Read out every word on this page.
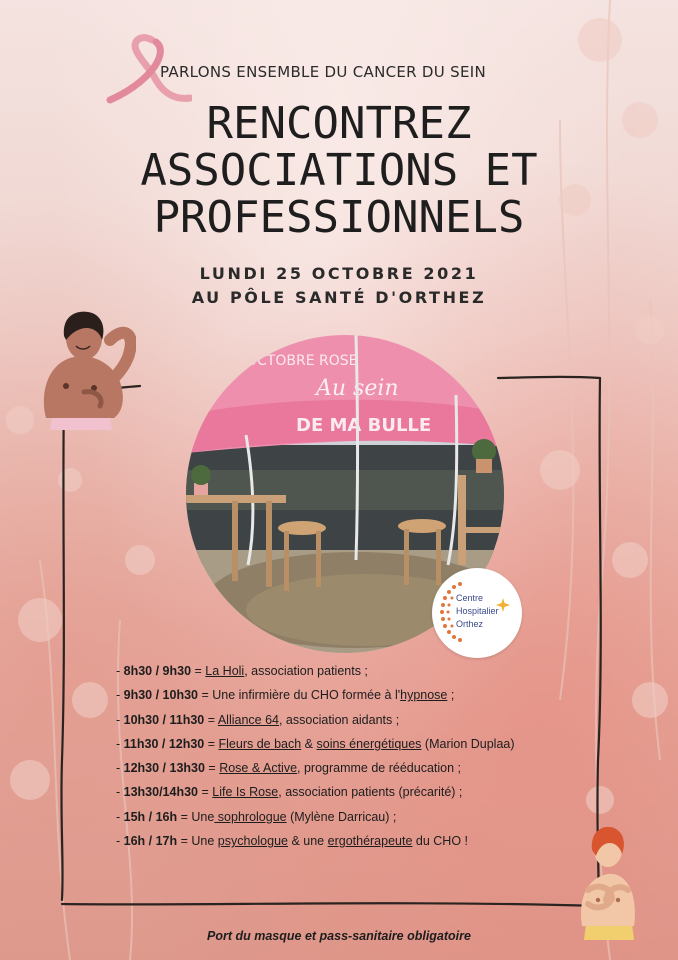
PARLONS ENSEMBLE DU CANCER DU SEIN
RENCONTREZ
ASSOCIATIONS ET
PROFESSIONNELS
LUNDI 25 OCTOBRE 2021
AU PÔLE SANTÉ D'ORTHEZ
OCTOBRE ROSE
Au sein
DE MA BULLE
Centre
Hospitalier
Orthez
- 8h30 / 9h30 = La Holi, association patients ;
- 9h30 / 10h30 = Une infirmière du CHO formée à l'hypnose ;
- 10h30 / 11h30 = Alliance 64, association aidants ;
- 11h30 / 12h30 = Fleurs de bach & soins énergétiques (Marion Duplaa)
- 12h30 / 13h30 = Rose & Active, programme de rééducation ;
- 13h30/14h30 = Life Is Rose, association patients (précarité) ;
- 15h / 16h = Une sophrologue (Mylène Darricau) ;
- 16h / 17h = Une psychologue & une ergothérapeute du CHO !
Port du masque et pass-sanitaire obligatoire
